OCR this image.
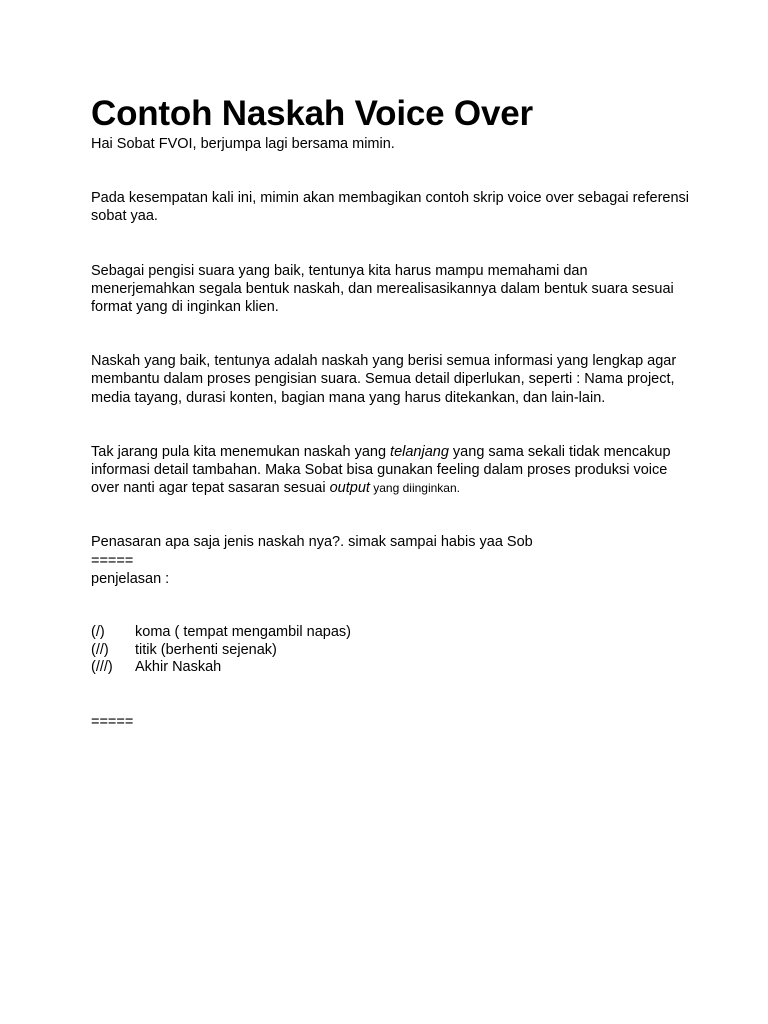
Contoh Naskah Voice Over

Hai Sobat FVOI, berjumpa lagi bersama mimin.

Pada kesempatan kali ini, mimin akan membagikan contoh skrip voice over sebagai referensi sobat yaa.

Sebagai pengisi suara yang baik, tentunya kita harus mampu memahami dan menerjemahkan segala bentuk naskah, dan merealisasikannya dalam bentuk suara sesuai format yang di inginkan klien.

Naskah yang baik, tentunya adalah naskah yang berisi semua informasi yang lengkap agar membantu dalam proses pengisian suara. Semua detail diperlukan, seperti : Nama project, media tayang, durasi konten, bagian mana yang harus ditekankan, dan lain-lain.

Tak jarang pula kita menemukan naskah yang telanjang yang sama sekali tidak mencakup informasi detail tambahan. Maka Sobat bisa gunakan feeling dalam proses produksi voice over nanti agar tepat sasaran sesuai output yang diinginkan.

Penasaran apa saja jenis naskah nya?. simak sampai habis yaa Sob
=====
penjelasan :
(/)	koma ( tempat mengambil napas)
(//)	titik (berhenti sejenak)
(///)	Akhir Naskah
=====
